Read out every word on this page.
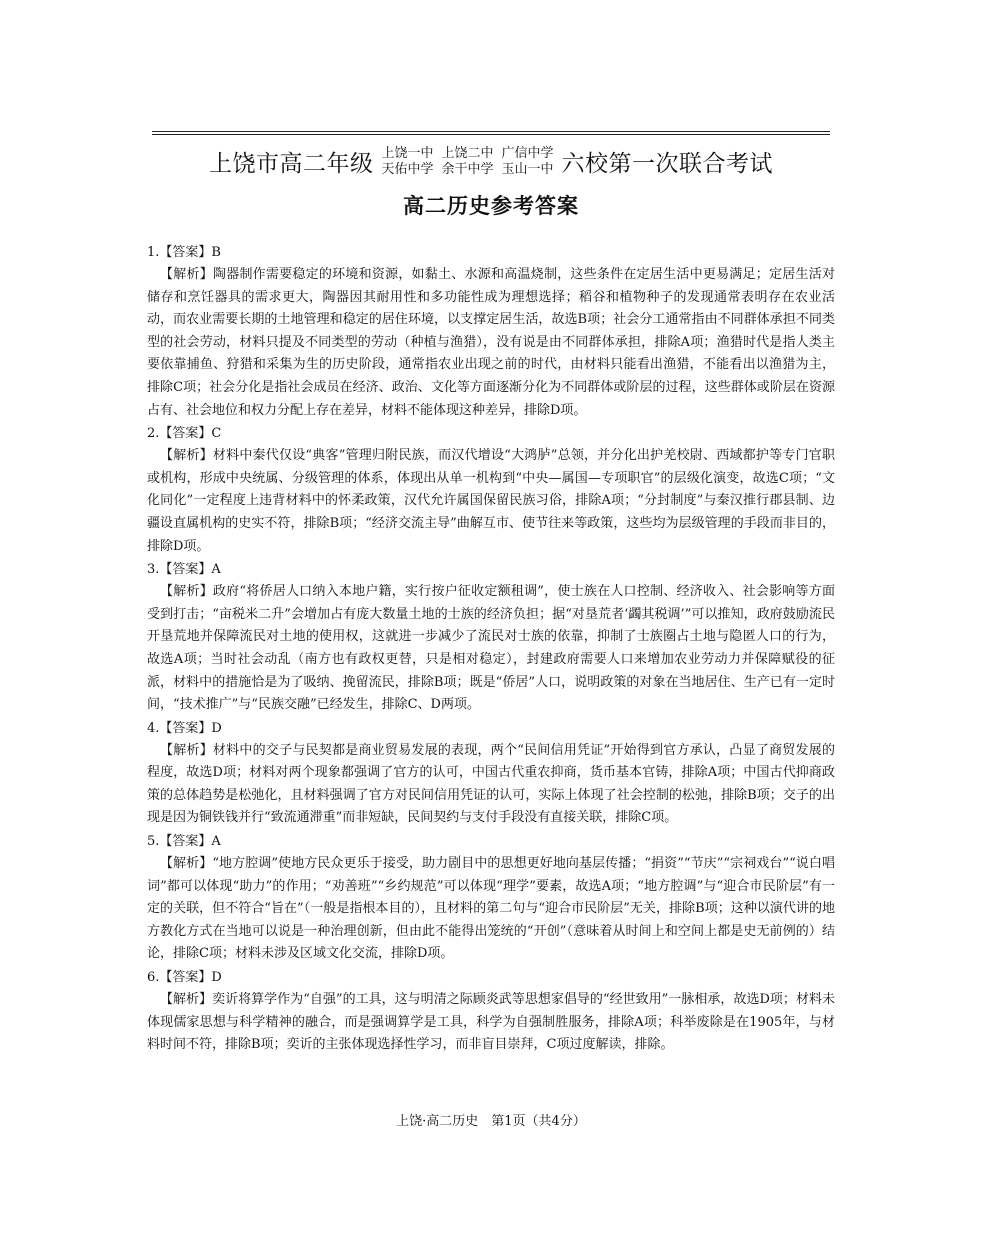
上饶市高二年级 上饶一中 上饶二中 广信中学
天佑中学 余干中学 玉山一中 六校第一次联合考试
高二历史参考答案

1.【答案】B

【解析】陶器制作需要稳定的环境和资源，如黏土、水源和高温烧制，这些条件在定居生活中更易满足；定居生活对储存和烹饪器具的需求更大，陶器因其耐用性和多功能性成为理想选择；稻谷和植物种子的发现通常表明存在农业活动，而农业需要长期的土地管理和稳定的居住环境，以支撑定居生活，故选B项；社会分工通常指由不同群体承担不同类型的社会劳动，材料只提及不同类型的劳动（种植与渔猎），没有说是由不同群体承担，排除A项；渔猎时代是指人类主要依靠捕鱼、狩猎和采集为生的历史阶段，通常指农业出现之前的时代，由材料只能看出渔猎，不能看出以渔猎为主，排除C项；社会分化是指社会成员在经济、政治、文化等方面逐渐分化为不同群体或阶层的过程，这些群体或阶层在资源占有、社会地位和权力分配上存在差异，材料不能体现这种差异，排除D项。

2.【答案】C

【解析】材料中秦代仅设“典客”管理归附民族，而汉代增设“大鸿胪”总领，并分化出护羌校尉、西域都护等专门官职或机构，形成中央统属、分级管理的体系，体现出从单一机构到“中央—属国—专项职官”的层级化演变，故选C项；“文化同化”一定程度上违背材料中的怀柔政策，汉代允许属国保留民族习俗，排除A项；“分封制度”与秦汉推行郡县制、边疆设直属机构的史实不符，排除B项；“经济交流主导”曲解互市、使节往来等政策，这些均为层级管理的手段而非目的，排除D项。

3.【答案】A

【解析】政府“将侨居人口纳入本地户籍，实行按户征收定额租调”，使士族在人口控制、经济收入、社会影响等方面受到打击；“亩税米二升”会增加占有庞大数量土地的士族的经济负担；据“对垦荒者‘蠲其税调’”可以推知，政府鼓励流民开垦荒地并保障流民对土地的使用权，这就进一步减少了流民对士族的依靠，抑制了士族圈占土地与隐匿人口的行为，故选A项；当时社会动乱（南方也有政权更替，只是相对稳定），封建政府需要人口来增加农业劳动力并保障赋役的征派，材料中的措施恰是为了吸纳、挽留流民，排除B项；既是“侨居”人口，说明政策的对象在当地居住、生产已有一定时间，“技术推广”与“民族交融”已经发生，排除C、D两项。

4.【答案】D

【解析】材料中的交子与民契都是商业贸易发展的表现，两个“民间信用凭证”开始得到官方承认，凸显了商贸发展的程度，故选D项；材料对两个现象都强调了官方的认可，中国古代重农抑商，货币基本官铸，排除A项；中国古代抑商政策的总体趋势是松弛化，且材料强调了官方对民间信用凭证的认可，实际上体现了社会控制的松弛，排除B项；交子的出现是因为铜铁钱并行“致流通滞重”而非短缺，民间契约与支付手段没有直接关联，排除C项。

5.【答案】A

【解析】“地方腔调”使地方民众更乐于接受，助力剧目中的思想更好地向基层传播；“捐资”“节庆”“宗祠戏台”“说白唱词”都可以体现“助力”的作用；“劝善班”“乡约规范”可以体现“理学”要素，故选A项；“地方腔调”与“迎合市民阶层”有一定的关联，但不符合“旨在”（一般是指根本目的），且材料的第二句与“迎合市民阶层”无关，排除B项；这种以演代讲的地方教化方式在当地可以说是一种治理创新，但由此不能得出笼统的“开创”（意味着从时间上和空间上都是史无前例的）结论，排除C项；材料未涉及区域文化交流，排除D项。

6.【答案】D

【解析】奕䜣将算学作为“自强”的工具，这与明清之际顾炎武等思想家倡导的“经世致用”一脉相承，故选D项；材料未体现儒家思想与科学精神的融合，而是强调算学是工具，科学为自强制胜服务，排除A项；科举废除是在1905年，与材料时间不符，排除B项；奕䜣的主张体现选择性学习，而非盲目崇拜，C项过度解读，排除。

上饶·高二历史　第1页（共4分）
